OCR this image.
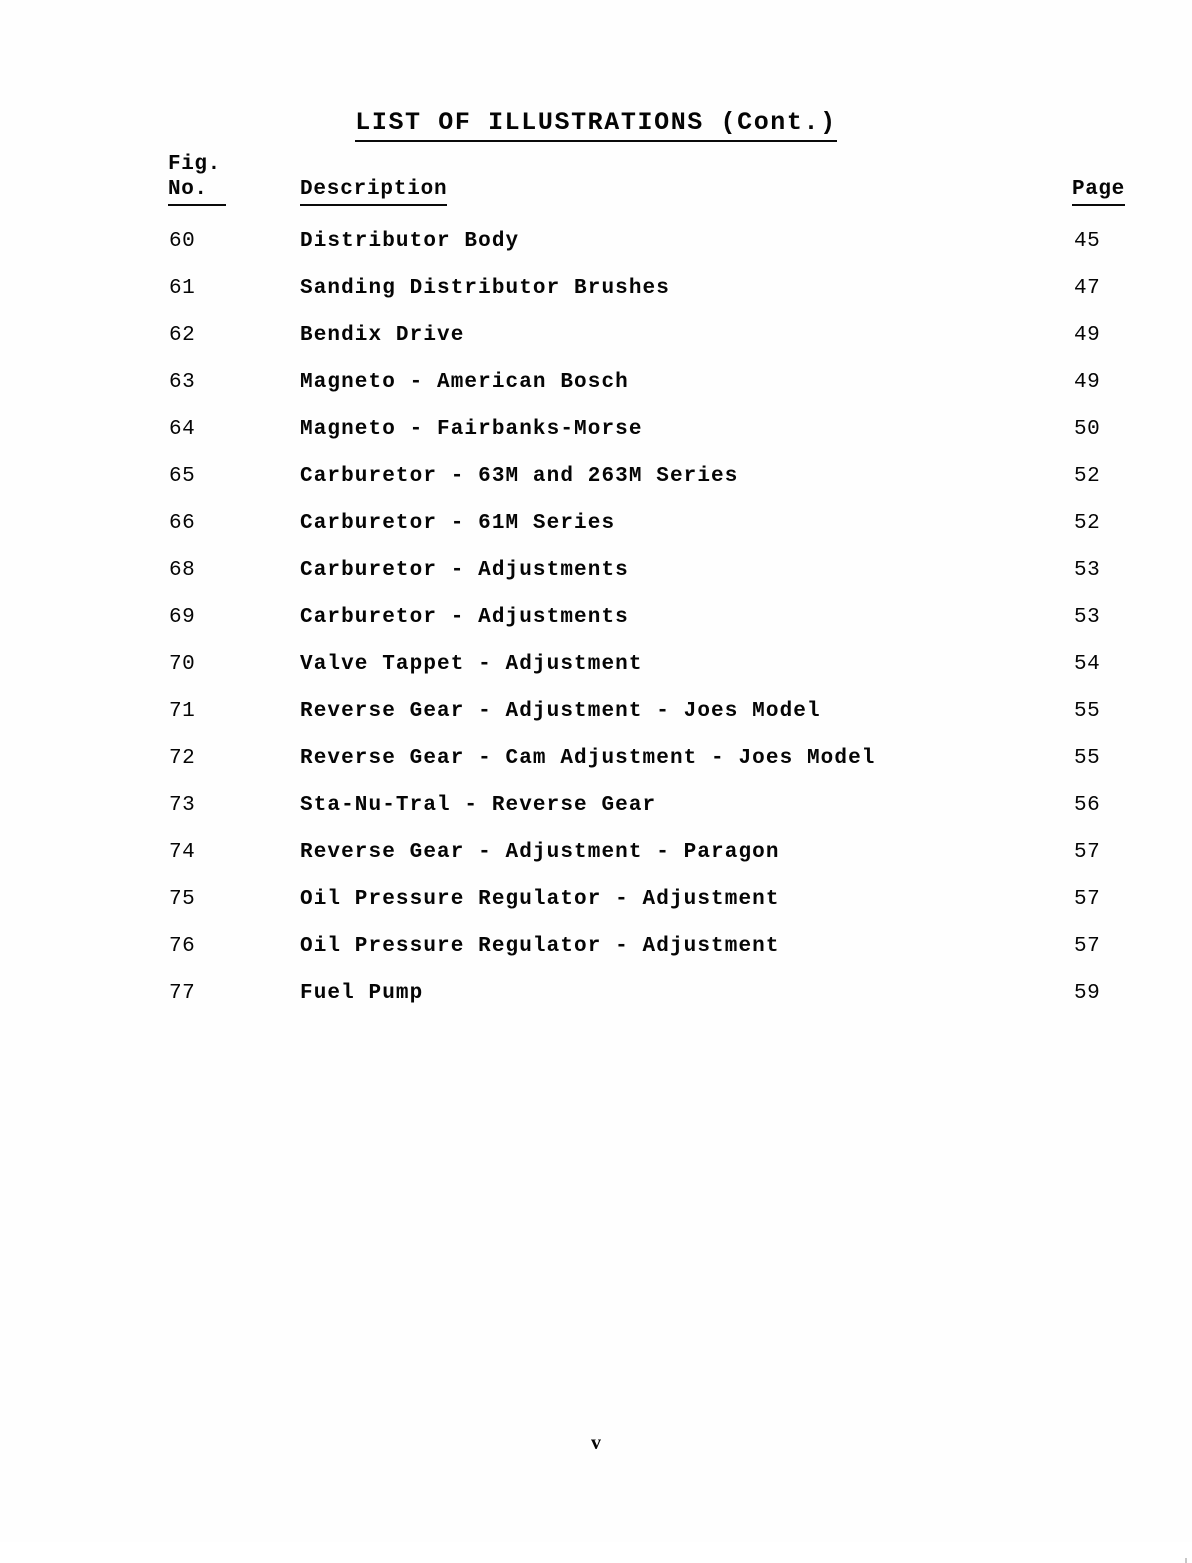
LIST OF ILLUSTRATIONS (Cont.)
Fig.
No.	Description	Page
60	Distributor Body	45
61	Sanding Distributor Brushes	47
62	Bendix Drive	49
63	Magneto - American Bosch	49
64	Magneto - Fairbanks-Morse	50
65	Carburetor - 63M and 263M Series	52
66	Carburetor - 61M Series	52
68	Carburetor - Adjustments	53
69	Carburetor - Adjustments	53
70	Valve Tappet - Adjustment	54
71	Reverse Gear - Adjustment - Joes Model	55
72	Reverse Gear - Cam Adjustment - Joes Model	55
73	Sta-Nu-Tral - Reverse Gear	56
74	Reverse Gear - Adjustment - Paragon	57
75	Oil Pressure Regulator - Adjustment	57
76	Oil Pressure Regulator - Adjustment	57
77	Fuel Pump	59
v
